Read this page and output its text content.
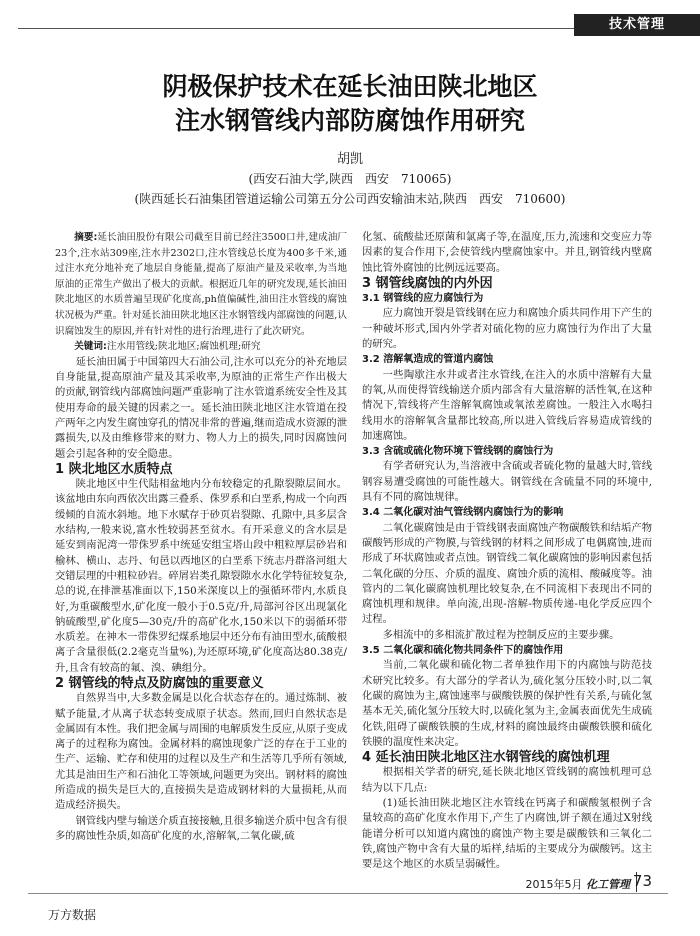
技术管理
阴极保护技术在延长油田陕北地区
注水钢管线内部防腐蚀作用研究
胡凯
(西安石油大学,陕西　西安　710065)
(陕西延长石油集团管道运输公司第五分公司西安输油末站,陕西　西安　710600)

摘要:延长油田股份有限公司截至目前已经注3500口井,建成油厂23个,注水站309座,注水井2302口,注水管线总长度为400多千米,通过注水充分地补充了地层自身能量,提高了原油产量及采收率,为当地原油的正常生产做出了极大的贡献。根据近几年的研究发现,延长油田陕北地区的水质普遍呈现矿化度高,ph值偏碱性,油田注水管线的腐蚀状况极为严重。针对延长油田陕北地区注水钢管线内部腐蚀的问题,认识腐蚀发生的原因,并有针对性的进行治理,进行了此次研究。

关键词:注水用管线;陕北地区;腐蚀机理;研究

延长油田属于中国第四大石油公司,注水可以充分的补充地层自身能量,提高原油产量及其采收率,为原油的正常生产作出极大的贡献,钢管线内部腐蚀问题严重影响了注水管道系统安全性及其使用寿命的最关键的因素之一。延长油田陕北地区注水管道在投产两年之内发生腐蚀穿孔的情况非常的普遍,继而造成水资源的泄露损失,以及由维修带来的财力、物人力上的损失,同时因腐蚀问题会引起各种的安全隐患。

1 陕北地区水质特点

陕北地区中生代陆相盆地内分布较稳定的孔隙裂隙层间水。该盆地由东向西依次出露三叠系、侏罗系和白垩系,构成一个向西缓倾的自流水斜地。地下水赋存于砂页岩裂隙、孔隙中,具多层含水结构,一般来说,富水性较弱甚至贫水。有开采意义的含水层是延安到南泥湾一带侏罗系中统延安组宝塔山段中粗粒厚层砂岩和榆林、横山、志丹、旬邑以西地区的白垩系下统志丹群洛河组大交错层理的中粗粒砂岩。碎屑岩类孔隙裂隙水水化学特征较复杂,总的说,在排泄基准面以下,150米深度以上的强循环带内,水质良好,为重碳酸型水,矿化度一般小于0.5克/升,局部河谷区出现氯化钠硫酸型,矿化度5—30克/升的高矿化水,150米以下的弱循环带水质差。在神木一带侏罗纪煤系地层中还分布有油田型水,硫酸根离子含量很低(2.2毫克当量%),为还原环境,矿化度高达80.38克/升,且含有较高的氟、溴、碘组分。

2 钢管线的特点及防腐蚀的重要意义

自然界当中,大多数金属是以化合状态存在的。通过炼制、被赋予能量,才从离子状态转变成原子状态。然而,回归自然状态是金属固有本性。我们把金属与周围的电解质发生反应,从原子变成离子的过程称为腐蚀。金属材料的腐蚀现象广泛的存在于工业的生产、运输、贮存和使用的过程以及生产和生活等几乎所有领域,尤其是油田生产和石油化工等领域,问题更为突出。钢材料的腐蚀所造成的损失是巨大的,直接损失是造成钢材料的大量损耗,从而造成经济损失。

钢管线内壁与输送介质直接接触,且很多输送介质中包含有很多的腐蚀性杂质,如高矿化度的水,溶解氧,二氧化碳,硫

化氢、硫酸盐还原菌和氯离子等,在温度,压力,流速和交变应力等因素的复合作用下,会使管线内壁腐蚀家中。并且,钢管线内壁腐蚀比管外腐蚀的比例远远要高。

3 钢管线腐蚀的内外因

3.1 钢管线的应力腐蚀行为

应力腐蚀开裂是管线钢在应力和腐蚀介质共同作用下产生的一种破坏形式,国内外学者对硫化物的应力腐蚀行为作出了大量的研究。

3.2 溶解氧造成的管道内腐蚀

一些陶歇注水井或者注水管线,在注入的水质中溶解有大量的氧,从而使得管线输送介质内部含有大量溶解的活性氧,在这种情况下,管线将产生溶解氧腐蚀或氧浓差腐蚀。一般注入水喝扫线用水的溶解氧含量都比较高,所以进入管线后容易造成管线的加速腐蚀。

3.3 含硫或硫化物环境下管线钢的腐蚀行为

有学者研究认为,当溶液中含硫或者硫化物的量越大时,管线钢容易遭受腐蚀的可能性越大。钢管线在含硫量不同的环境中,具有不同的腐蚀规律。

3.4 二氧化碳对油气管线钢内腐蚀行为的影响

二氧化碳腐蚀是由于管线钢表面腐蚀产物碳酸铁和结垢产物碳酸钙形成的产物膜,与管线钢的材料之间形成了电偶腐蚀,进而形成了环状腐蚀或者点蚀。钢管线二氧化碳腐蚀的影响因素包括二氧化碳的分压、介质的温度、腐蚀介质的流相、酸碱度等。油管内的二氧化碳腐蚀机理比较复杂,在不同流相下表现出不同的腐蚀机理和规律。单向流,出现-溶解-物质传递-电化学反应四个过程。

多相流中的多相流扩散过程为控制反应的主要步骤。

3.5 二氧化碳和硫化物共同条件下的腐蚀作用

当前,二氧化碳和硫化物二者单独作用下的内腐蚀与防范技术研究比较多。有大部分的学者认为,硫化氢分压较小时,以二氧化碳的腐蚀为主,腐蚀速率与碳酸铁膜的保护性有关系,与硫化氢基本无关,硫化氢分压较大时,以硫化氢为主,金属表面优先生成硫化铁,阻碍了碳酸铁膜的生成,材料的腐蚀最终由碳酸铁膜和硫化铁膜的温度性来决定。

4 延长油田陕北地区注水钢管线的腐蚀机理

根据相关学者的研究,延长陕北地区管线钢的腐蚀机理可总结为以下几点:

(1)延长油田陕北地区注水管线在钙离子和碳酸氢根例子含量较高的高矿化度水作用下,产生了内腐蚀,饼子额在通过X射线能谱分析可以知道内腐蚀的腐蚀产物主要是碳酸铁和三氧化二铁,腐蚀产物中含有大量的垢样,结垢的主要成分为碳酸钙。这主要是这个地区的水质呈弱碱性。

2015年5月 化工管理 73
万方数据
